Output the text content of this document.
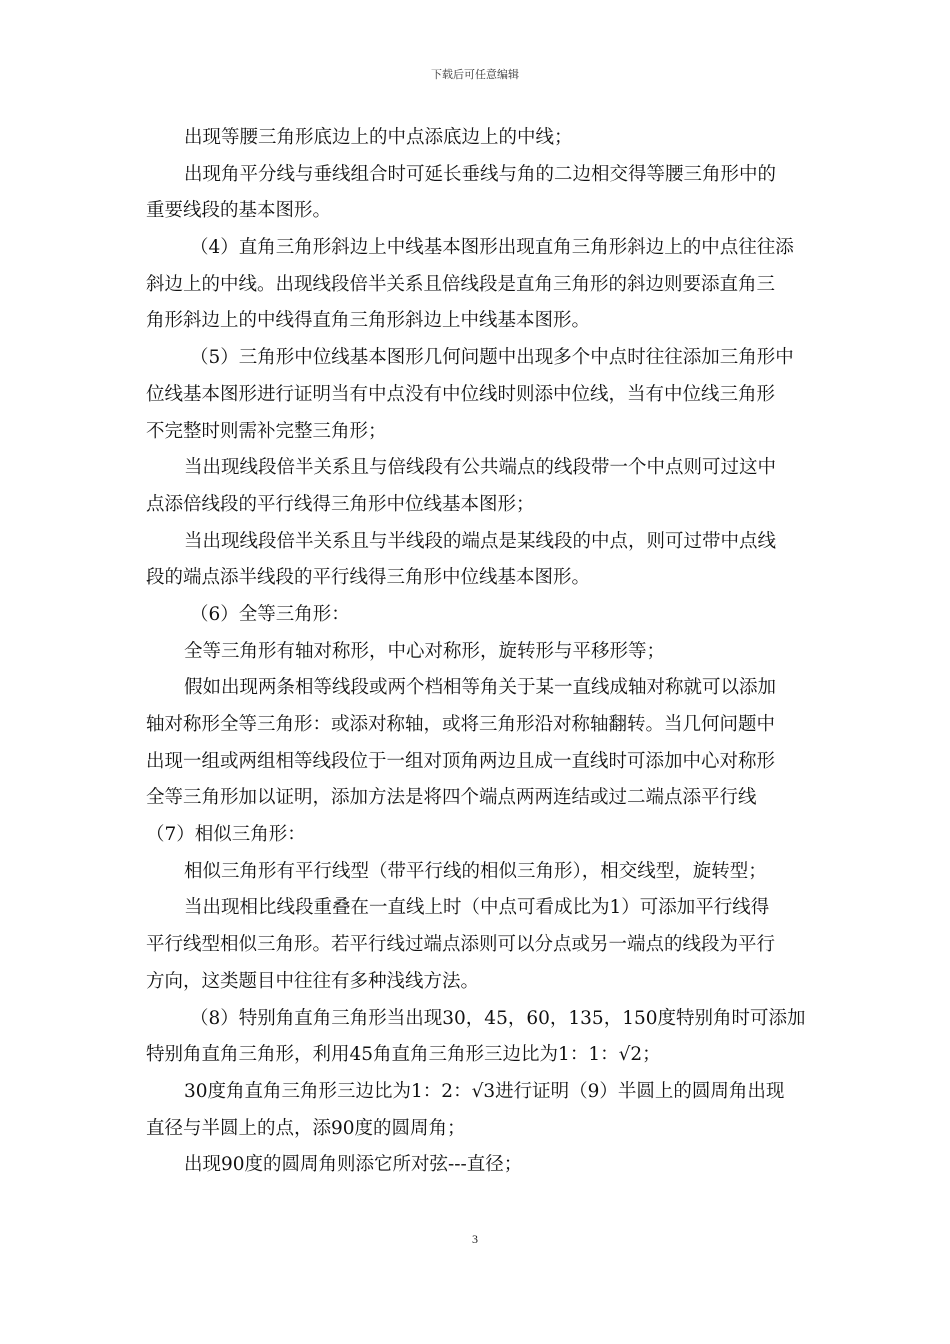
下载后可任意编辑
出现等腰三角形底边上的中点添底边上的中线；
出现角平分线与垂线组合时可延长垂线与角的二边相交得等腰三角形中的
重要线段的基本图形。
（4）直角三角形斜边上中线基本图形出现直角三角形斜边上的中点往往添
斜边上的中线。出现线段倍半关系且倍线段是直角三角形的斜边则要添直角三
角形斜边上的中线得直角三角形斜边上中线基本图形。
（5）三角形中位线基本图形几何问题中出现多个中点时往往添加三角形中
位线基本图形进行证明当有中点没有中位线时则添中位线，当有中位线三角形
不完整时则需补完整三角形；
当出现线段倍半关系且与倍线段有公共端点的线段带一个中点则可过这中
点添倍线段的平行线得三角形中位线基本图形；
当出现线段倍半关系且与半线段的端点是某线段的中点，则可过带中点线
段的端点添半线段的平行线得三角形中位线基本图形。
（6）全等三角形：
全等三角形有轴对称形，中心对称形，旋转形与平移形等；
假如出现两条相等线段或两个档相等角关于某一直线成轴对称就可以添加
轴对称形全等三角形：或添对称轴，或将三角形沿对称轴翻转。当几何问题中
出现一组或两组相等线段位于一组对顶角两边且成一直线时可添加中心对称形
全等三角形加以证明，添加方法是将四个端点两两连结或过二端点添平行线
（7）相似三角形：
相似三角形有平行线型（带平行线的相似三角形），相交线型，旋转型；
当出现相比线段重叠在一直线上时（中点可看成比为1）可添加平行线得
平行线型相似三角形。若平行线过端点添则可以分点或另一端点的线段为平行
方向，这类题目中往往有多种浅线方法。
（8）特别角直角三角形当出现30，45，60，135，150度特别角时可添加
特别角直角三角形，利用45角直角三角形三边比为1：1：√2；
30度角直角三角形三边比为1：2：√3进行证明（9）半圆上的圆周角出现
直径与半圆上的点，添90度的圆周角；
出现90度的圆周角则添它所对弦---直径；
3
